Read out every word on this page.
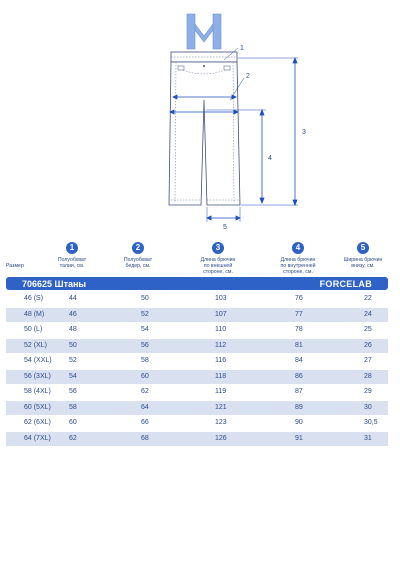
1
2
3
4
5
1
Полуобхват
талии, см.
2
Полуобхват
бедер, см.
3
Длина брючин
по внешней
стороне, см.
4
Длина брючин
по внутренней
стороне, см.
5
Ширина брючин
внизу, см.
Размер
706625 Штаны	FORCELAB
46 (S)	44	50	103	76	22
48 (M)	46	52	107	77	24
50 (L)	48	54	110	78	25
52 (XL)	50	56	112	81	26
54 (XXL) 52	58	116	84	27
56 (3XL)	54	60	118	86	28
58 (4XL)	56	62	119	87	29
60 (5XL)	58	64	121	89	30
62 (6XL)	60	66	123	90	30,5
64 (7XL)	62	68	126	91	31
